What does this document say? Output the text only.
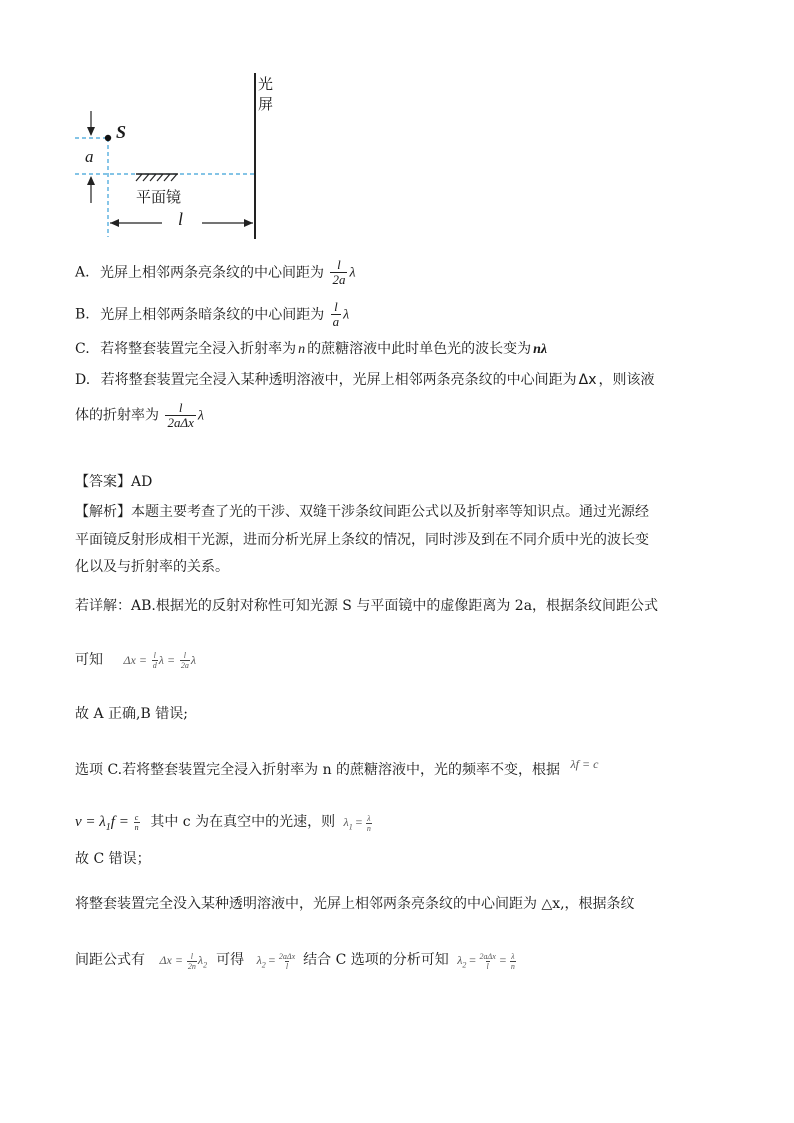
光屏
S
a
平面镜
l
A. 光屏上相邻两条亮条纹的中心间距为 $\frac{l}{2a}$ λ
B. 光屏上相邻两条暗条纹的中心间距为 $\frac{l}{a}$ λ
C. 若将整套装置完全浸入折射率为 n 的蔗糖溶液中此时单色光的波长变为 nλ
D. 若将整套装置完全浸入某种透明溶液中，光屏上相邻两条亮条纹的中心间距为 Δx ，则该液
体的折射率为 $\frac{l}{\text{2aΔx}}$ λ
【答案】AD
【解析】本题主要考查了光的干涉、双缝干涉条纹间距公式以及折射率等知识点。通过光源经
平面镜反射形成相干光源，进而分析光屏上条纹的情况，同时涉及到在不同介质中光的波长变
化以及与折射率的关系。
若详解：AB.根据光的反射对称性可知光源 S 与平面镜中的虚像距离为 2a，根据条纹间距公式
可知 $\Delta x = \frac{l}{d}$ $\lambda = \frac{l}{2a}$ λ
故 A 正确,B 错误;
选项 C.若将整套装置完全浸入折射率为 n 的蔗糖溶液中，光的频率不变，根据 λf = c
$v = \lambda_1f = \frac{c}{n}$ 其中 c 为在真空中的光速，则 $\lambda_1 = \frac{\lambda}{n}$
故 C 错误；
将整套装置完全没入某种透明溶液中，光屏上相邻两条亮条纹的中心间距为 △x,，根据条纹
间距公式有 $\Delta x = \frac{l}{2n} \lambda_2$ 可得 $\lambda_2 = \frac{\text{2aΔx}}{l}$ 结合 C 选项的分析可知 $\lambda_2 = \frac{\text{2aΔx}}{l} = \frac{\lambda}{n}$
